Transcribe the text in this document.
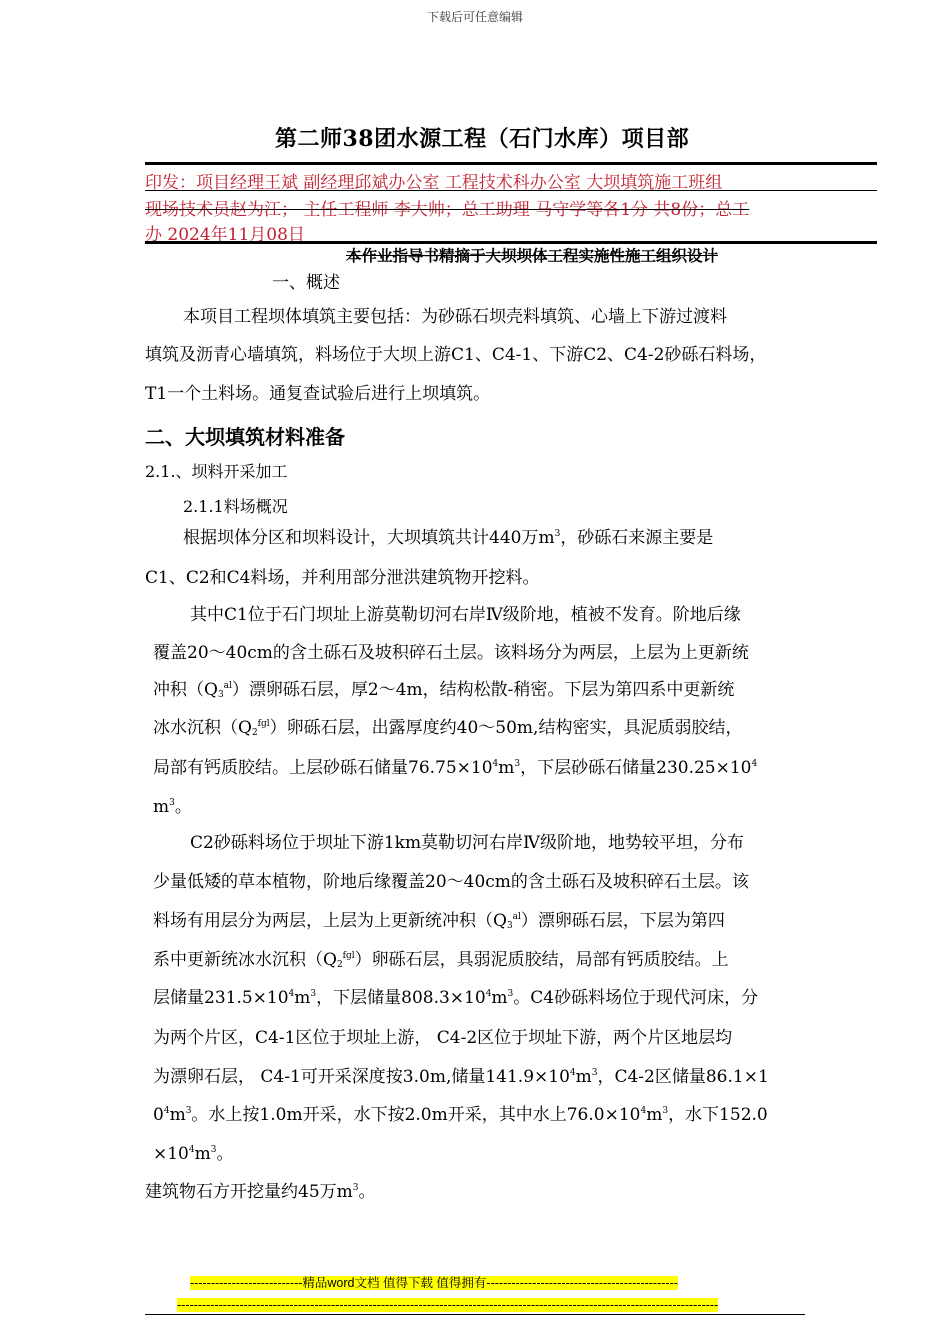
下载后可任意编辑
第二师38团水源工程（石门水库）项目部
印发：项目经理王斌 副经理邱斌办公室 工程技术科办公室 大坝填筑施工班组
现场技术员赵为江； 主任工程师 李大帅；总工助理 马守学等各1分 共8份；总工
办 2024年11月08日
本作业指导书精摘于大坝坝体工程实施性施工组织设计
一、概述
本项目工程坝体填筑主要包括：为砂砾石坝壳料填筑、心墙上下游过渡料
填筑及沥青心墙填筑，料场位于大坝上游C1、C4-1、下游C2、C4-2砂砾石料场，
T1一个土料场。通复查试验后进行上坝填筑。
二、大坝填筑材料准备
2.1.、坝料开采加工
2.1.1料场概况
根据坝体分区和坝料设计，大坝填筑共计440万$m^3$，砂砾石来源主要是
C1、C2和C4料场，并利用部分泄洪建筑物开挖料。
其中C1位于石门坝址上游莫勒切河右岸Ⅳ级阶地，植被不发育。阶地后缘
覆盖20～40cm的含土砾石及坡积碎石土层。该料场分为两层，上层为上更新统
冲积$(Q_3^{al})$漂卵砾石层，厚2～4m，结构松散-稍密。下层为第四系中更新统
冰水沉积$(Q_2^{fgl})$卵砾石层，出露厚度约40～50m,结构密实，具泥质弱胶结，
局部有钙质胶结。上层砂砾石储量$76.75\times 10^4m^3$，下层砂砾石储量$230.25\times 10^4$
$m^3$。
C2砂砾料场位于坝址下游1km莫勒切河右岸Ⅳ级阶地，地势较平坦，分布
少量低矮的草本植物，阶地后缘覆盖20～40cm的含土砾石及坡积碎石土层。该
料场有用层分为两层，上层为上更新统冲积$(Q_3^{al})$漂卵砾石层，下层为第四
系中更新统冰水沉积$(Q_2^{fgl})$卵砾石层，具弱泥质胶结，局部有钙质胶结。上
层储量$231.5\times 10^4m^3$，下层储量$808.3\times 10^4m^3$。C4砂砾料场位于现代河床，分
为两个片区，C4-1区位于坝址上游， C4-2区位于坝址下游，两个片区地层均
为漂卵石层， C4-1可开采深度按3.0m,储量$141.9\times 10^4m^3$，C4-2区储量86.1×1
$0^4m^3$。水上按1.0m开采，水下按2.0m开采，其中水上$76.0\times 10^4m^3$，水下152.0
$\times 10^4m^3$。
建筑物石方开挖量约45万$m^3$。
---------------------------精品word文档 值得下载 值得拥有----------------------------------------------
----------------------------------------------------------------------------------------------------------------------------------
